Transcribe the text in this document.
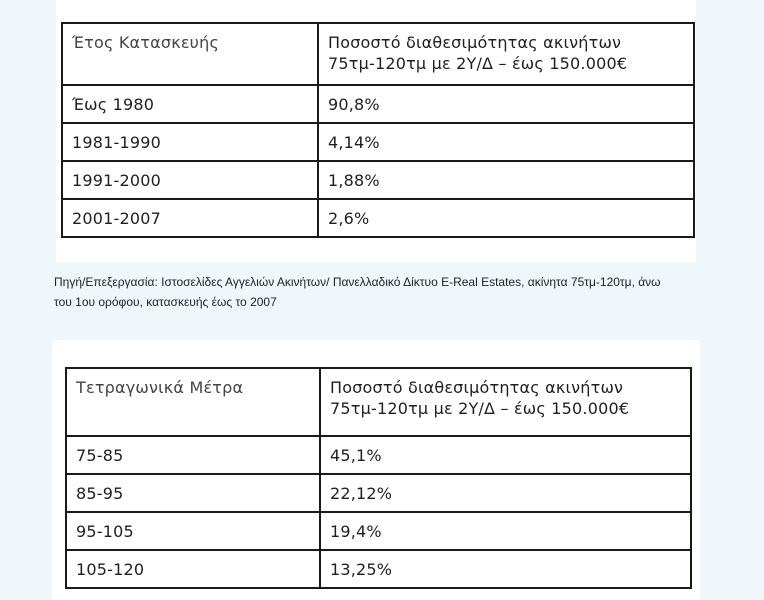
Έτος Κατασκευής	Ποσοστό διαθεσιμότητας ακινήτων
75τμ-120τμ με 2Υ/Δ – έως 150.000€

Έως 1980	90,8%
1981-1990	4,14%
1991-2000	1,88%
2001-2007	2,6%
Πηγή/Επεξεργασία: Ιστοσελίδες Αγγελιών Ακινήτων/ Πανελλαδικό Δίκτυο E-Real Estates, ακίνητα 75τμ-120τμ, άνω
του 1ου ορόφου, κατασκευής έως το 2007
Τετραγωνικά Μέτρα	Ποσοστό διαθεσιμότητας ακινήτων
75τμ-120τμ με 2Υ/Δ – έως 150.000€

75-85	45,1%
85-95	22,12%
95-105	19,4%
105-120	13,25%
